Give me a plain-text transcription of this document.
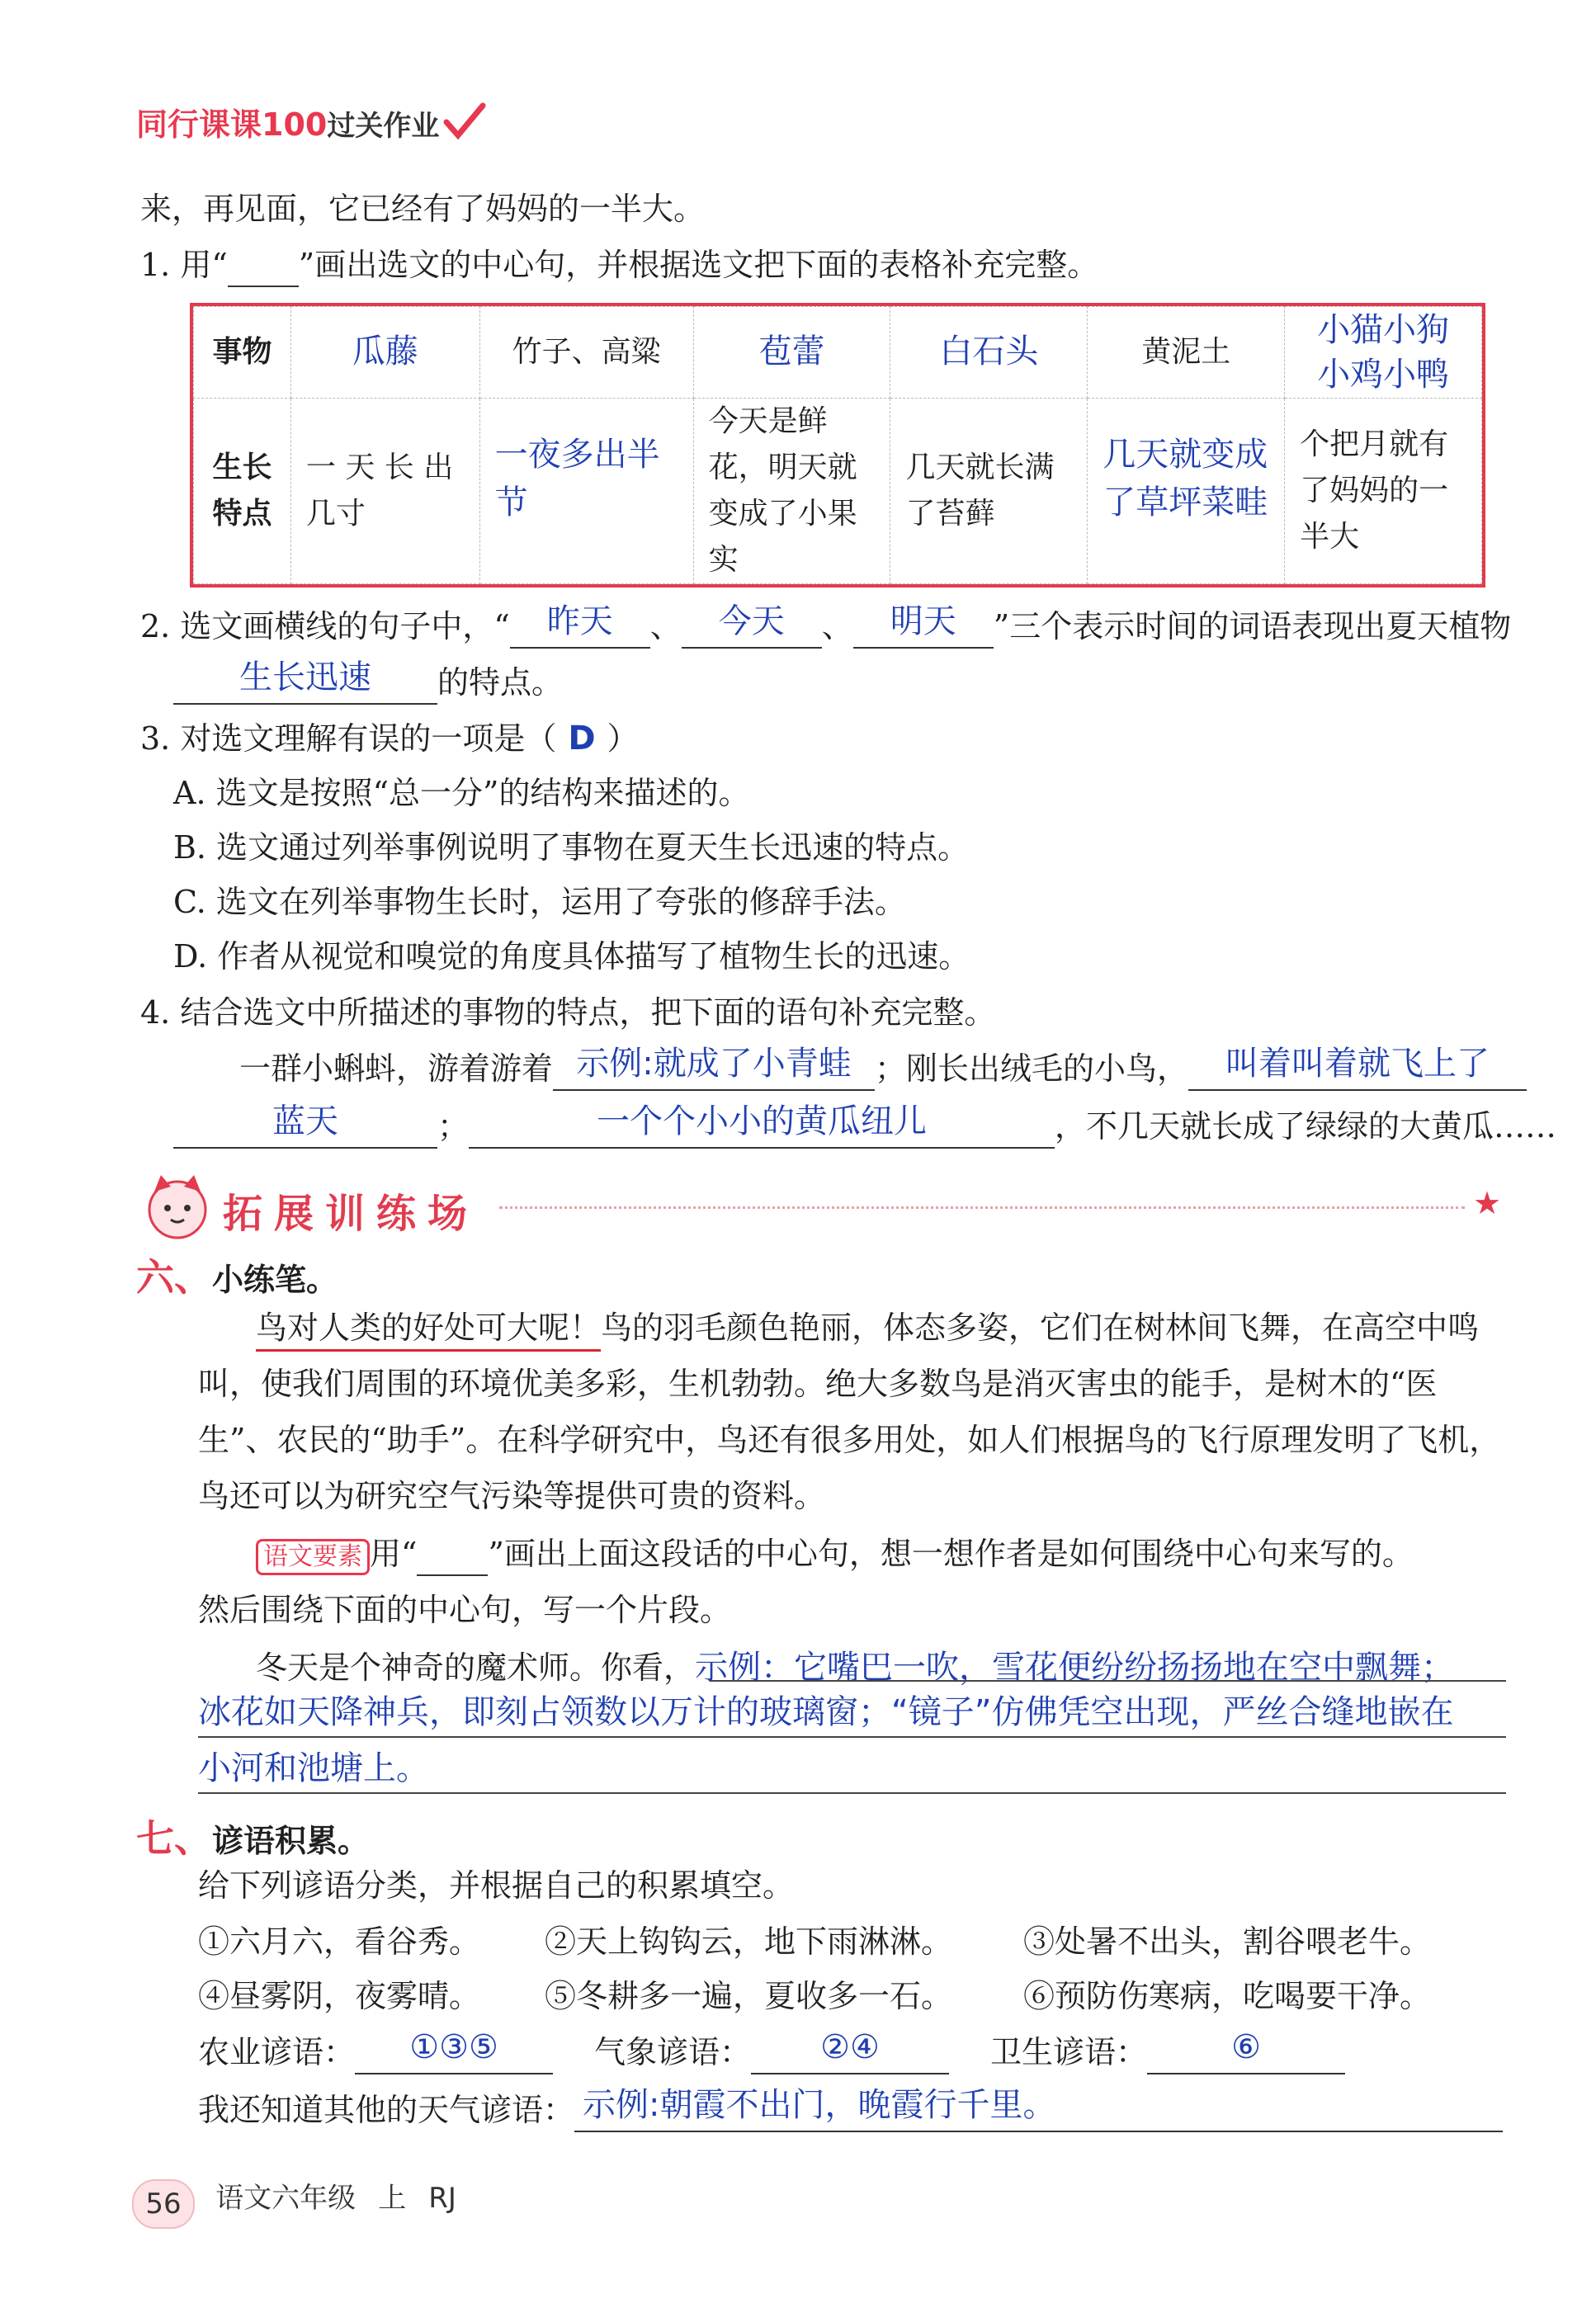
同行课课100过关作业
来，再见面，它已经有了妈妈的一半大。
1. 用“ ”画出选文的中心句，并根据选文把下面的表格补充完整。
事物	瓜藤	竹子、高粱	苞蕾	白石头	黄泥土	小猫小狗小鸡小鸭

生长
特点	一 天 长 出几寸	一夜多出半节	今天是鲜花，明天就变成了小果实	几天就长满了苔藓	几天就变成了草坪菜畦	个把月就有了妈妈的一半大
2. 选文画横线的句子中，“	昨天	、	今天	、	明天	”三个表示时间的词语表现出夏天植物
生长迅速	的特点。
3. 对选文理解有误的一项是（ D ）
A. 选文是按照“总一分”的结构来描述的。
B. 选文通过列举事例说明了事物在夏天生长迅速的特点。
C. 选文在列举事物生长时，运用了夸张的修辞手法。
D. 作者从视觉和嗅觉的角度具体描写了植物生长的迅速。
4. 结合选文中所描述的事物的特点，把下面的语句补充完整。
一群小蝌蚪，游着游着 示例:就成了小青蛙 ；刚长出绒毛的小鸟，	叫着叫着就飞上了

蓝天	；	一个个小小的黄瓜纽儿	，不几天就长成了绿绿的大黄瓜……
拓展训练场	★
六、小练笔。
鸟对人类的好处可大呢！鸟的羽毛颜色艳丽，体态多姿，它们在树林间飞舞，在高空中鸣
叫，使我们周围的环境优美多彩，生机勃勃。绝大多数鸟是消灭害虫的能手，是树木的“医
生”、农民的“助手”。在科学研究中，鸟还有很多用处，如人们根据鸟的飞行原理发明了飞机，
鸟还可以为研究空气污染等提供可贵的资料。
语文要素 用“ ”画出上面这段话的中心句，想一想作者是如何围绕中心句来写的。
然后围绕下面的中心句，写一个片段。
冬天是个神奇的魔术师。你看，示例：它嘴巴一吹，雪花便纷纷扬扬地在空中飘舞；
冰花如天降神兵，即刻占领数以万计的玻璃窗；“镜子”仿佛凭空出现，严丝合缝地嵌在
小河和池塘上。
七、谚语积累。
给下列谚语分类，并根据自己的积累填空。
①六月六，看谷秀。 ②天上钩钩云，地下雨淋淋。 ③处暑不出头，割谷喂老牛。
④昼雾阴，夜雾晴。 ⑤冬耕多一遍，夏收多一石。 ⑥预防伤寒病，吃喝要干净。
农业谚语：	①③⑤	气象谚语：	②④	卫生谚语：	⑥

我还知道其他的天气谚语： 示例:朝霞不出门，晚霞行千里。

56 语文六年级 上 RJ
